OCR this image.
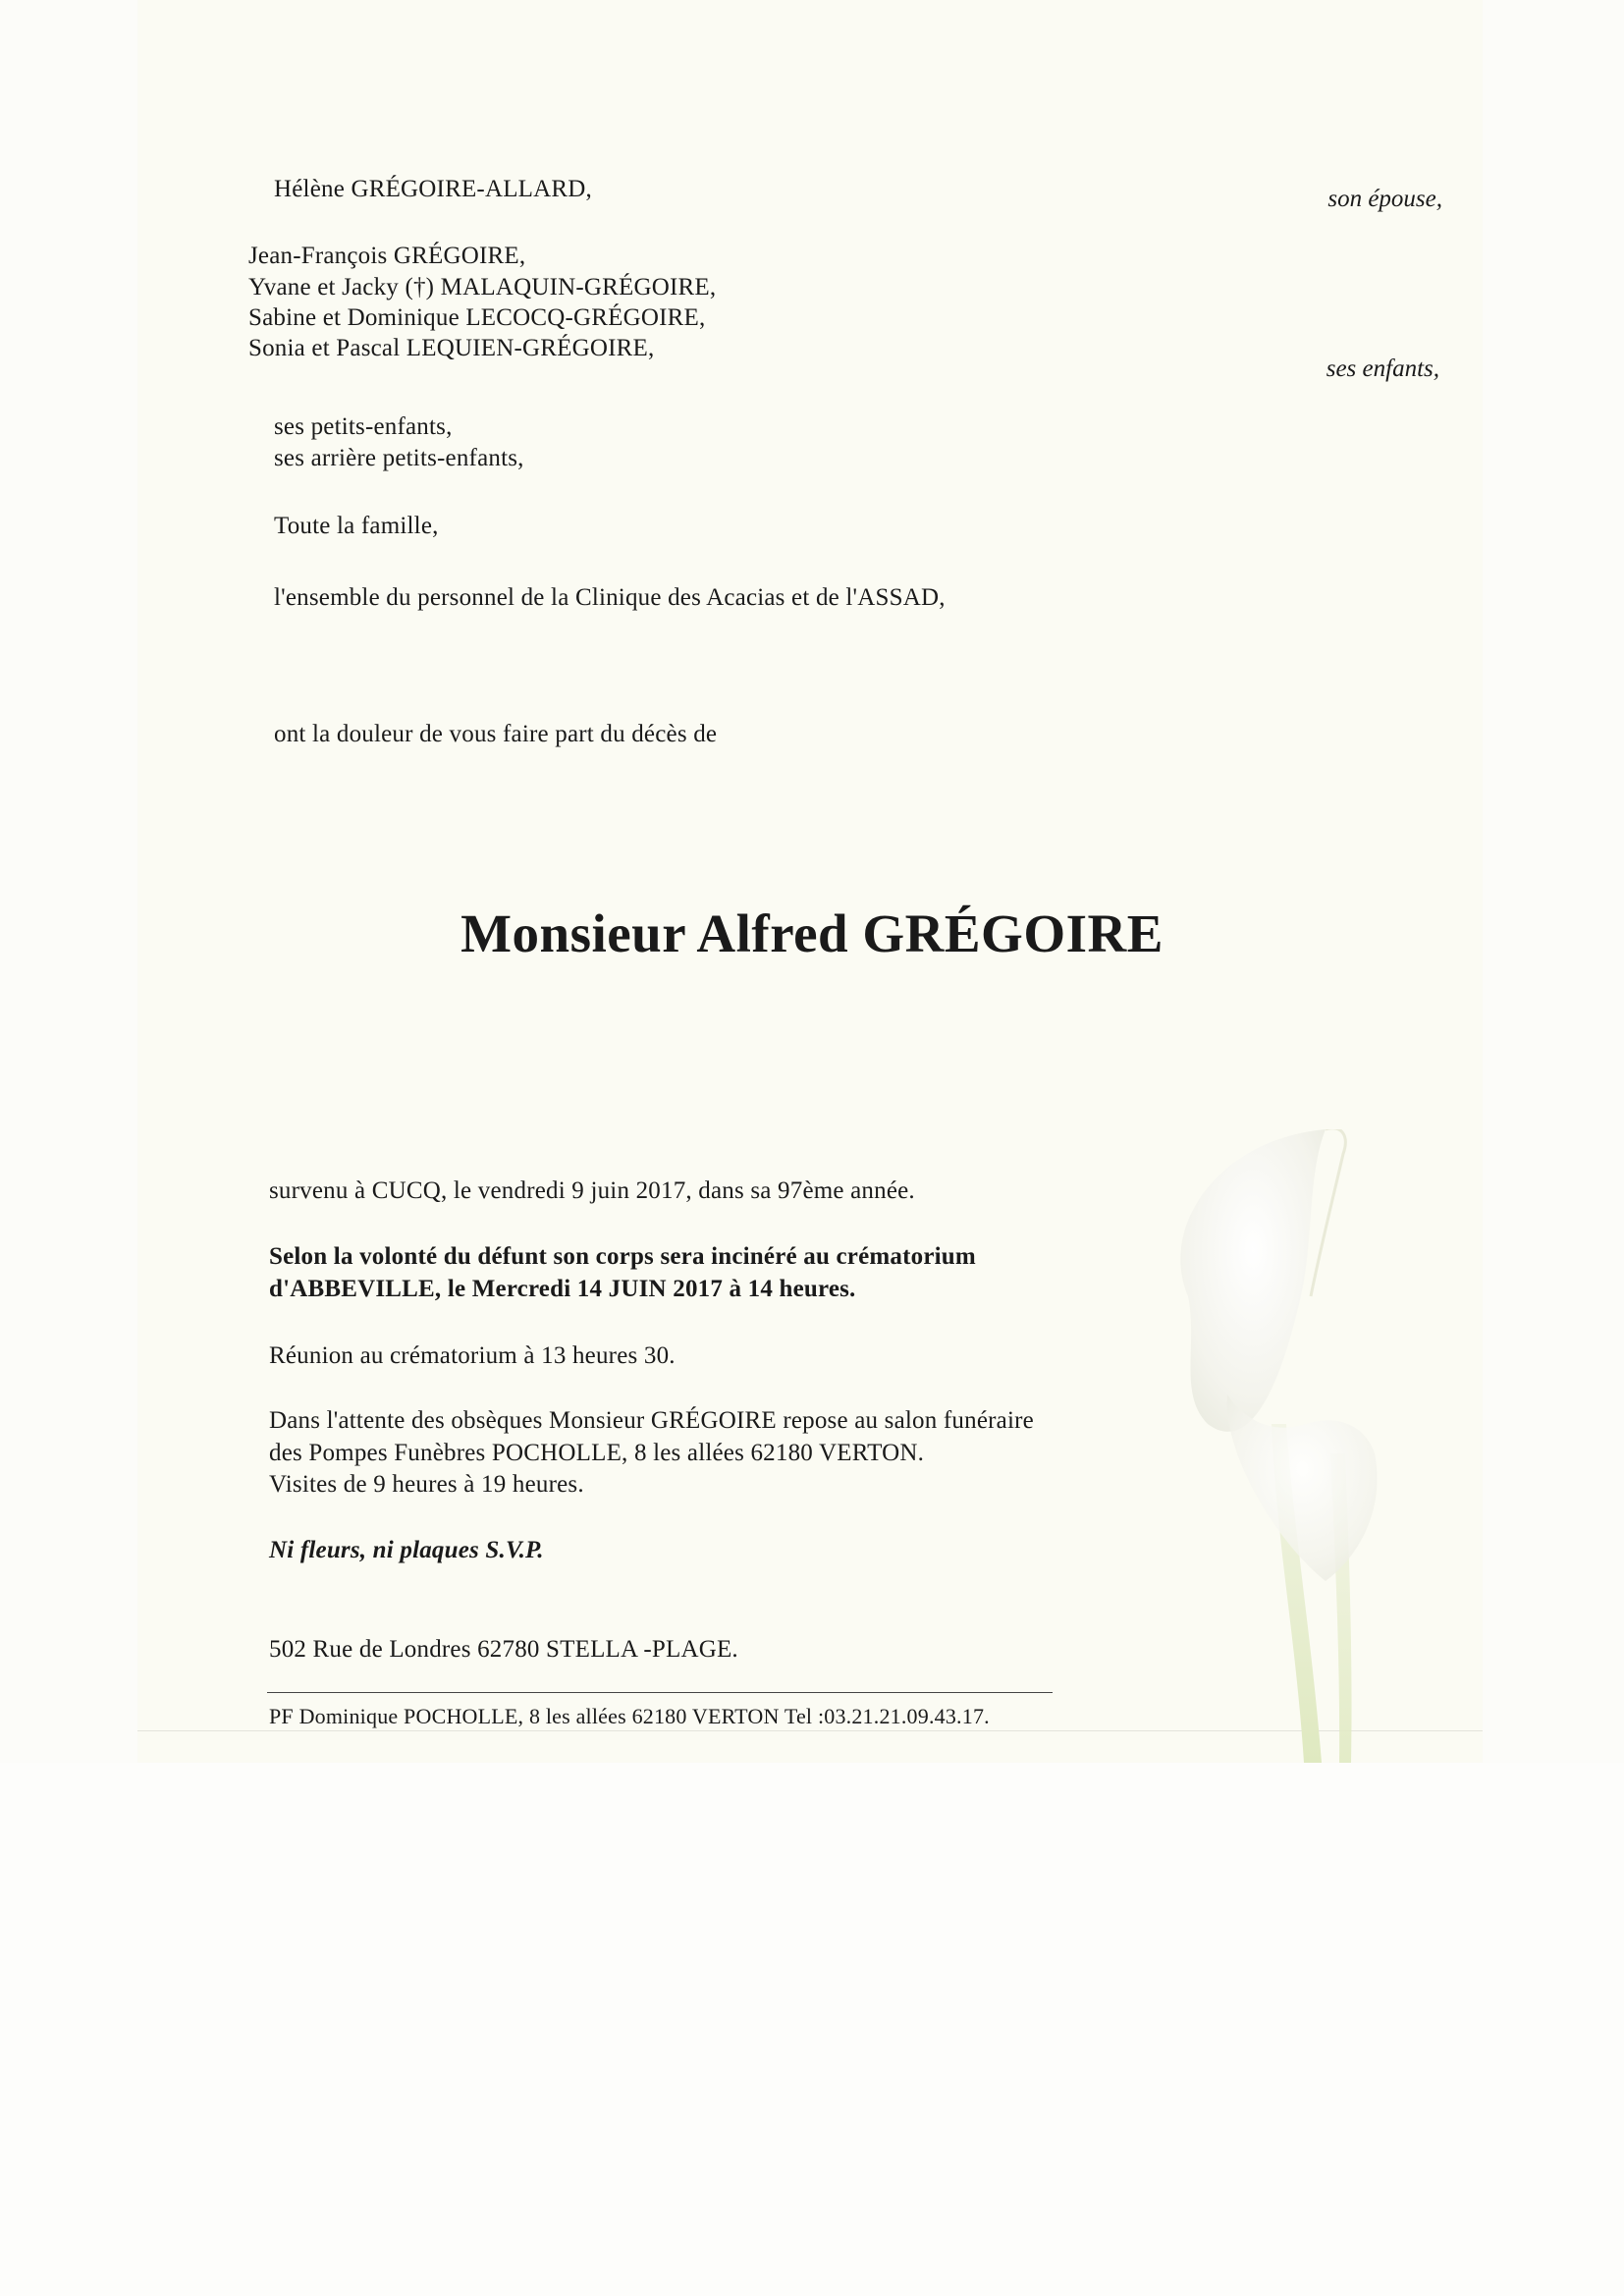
Hélène GRÉGOIRE-ALLARD,	son épouse,
Jean-François GRÉGOIRE,
Yvane et Jacky (†) MALAQUIN-GRÉGOIRE,
Sabine et Dominique LECOCQ-GRÉGOIRE,
Sonia et Pascal LEQUIEN-GRÉGOIRE,
ses enfants,
ses petits-enfants,
ses arrière petits-enfants,
Toute la famille,
l'ensemble du personnel de la Clinique des Acacias et de l'ASSAD,
ont la douleur de vous faire part du décès de
Monsieur Alfred GRÉGOIRE
survenu à CUCQ, le vendredi 9 juin 2017, dans sa 97ème année.
Selon la volonté du défunt son corps sera incinéré au crématorium
d'ABBEVILLE, le Mercredi 14 JUIN 2017 à 14 heures.
Réunion au crématorium à 13 heures 30.
Dans l'attente des obsèques Monsieur GRÉGOIRE repose au salon funéraire
des Pompes Funèbres POCHOLLE, 8 les allées 62180 VERTON.
Visites de 9 heures à 19 heures.
Ni fleurs, ni plaques S.V.P.
502 Rue de Londres 62780 STELLA -PLAGE.
PF Dominique POCHOLLE, 8 les allées 62180 VERTON Tel :03.21.21.09.43.17.
